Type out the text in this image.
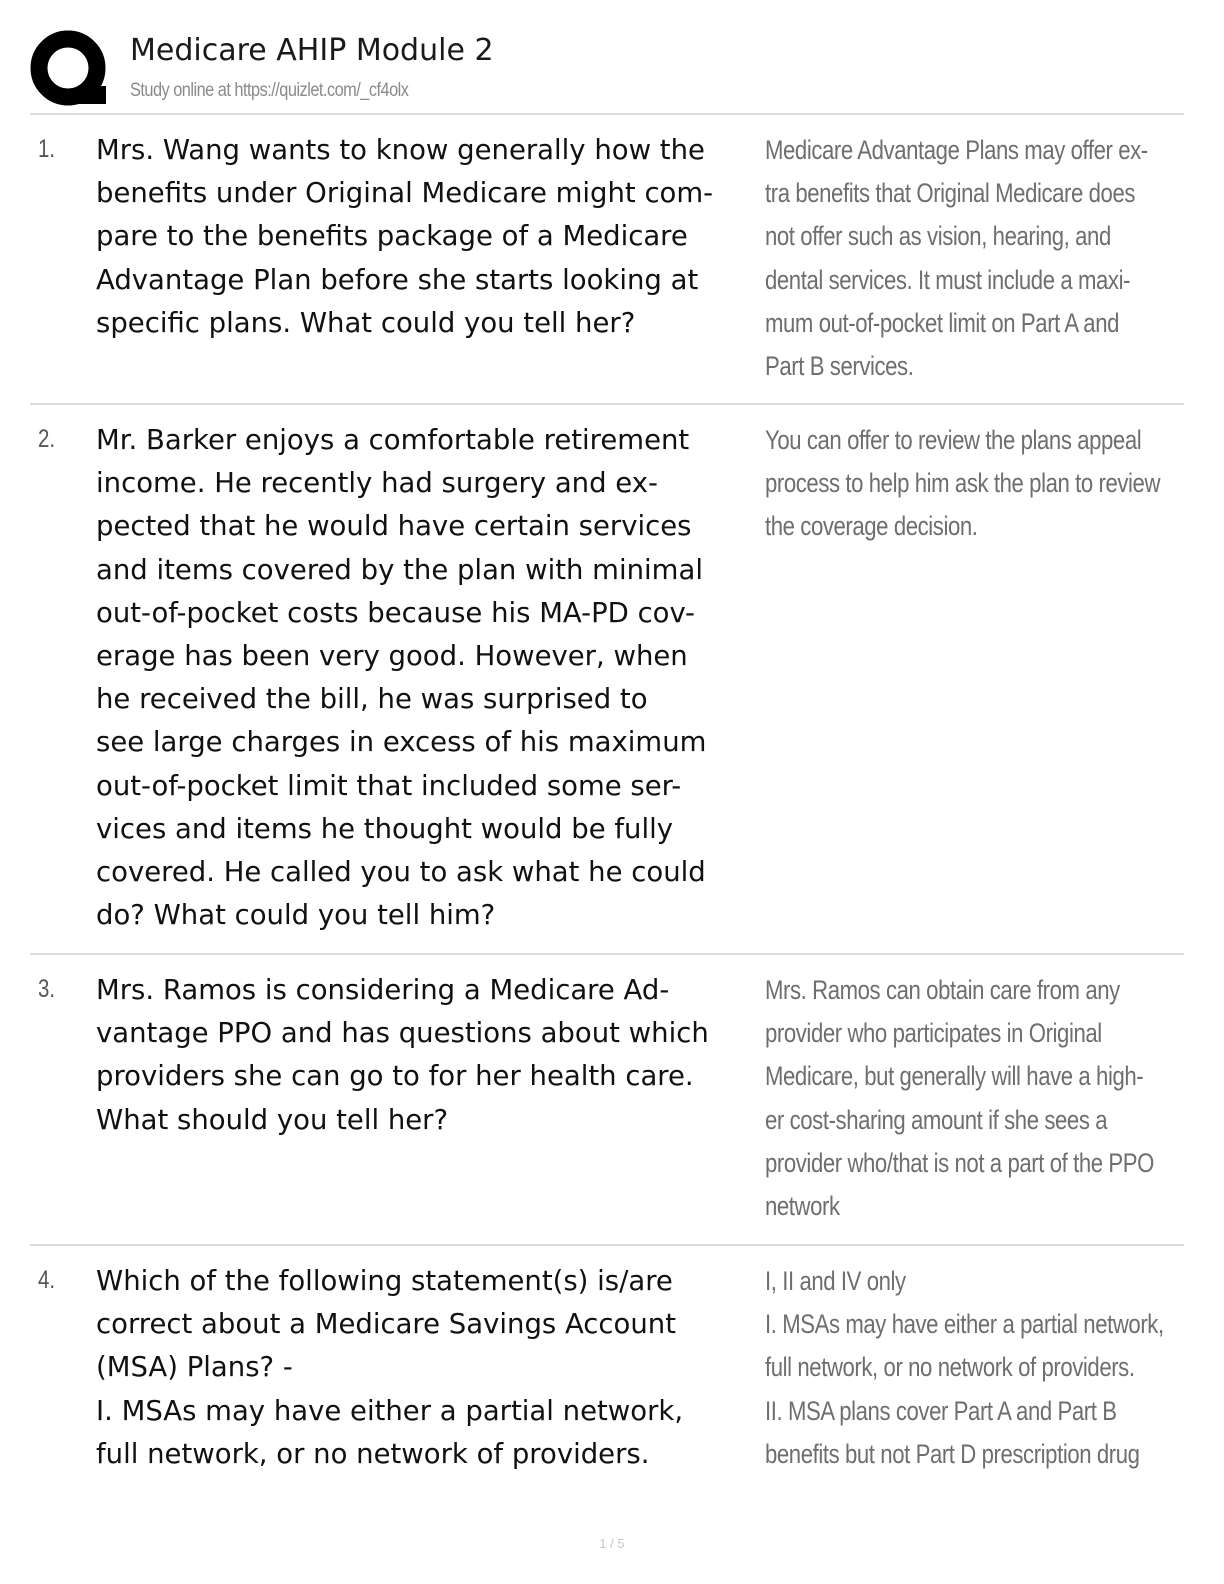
Medicare AHIP Module 2
Study online at https://quizlet.com/_cf4olx
1. Mrs. Wang wants to know generally how the

benefits under Original Medicare might com-

pare to the benefits package of a Medicare

Advantage Plan before she starts looking at

specific plans. What could you tell her?

Medicare Advantage Plans may offer ex-

tra benefits that Original Medicare does

not offer such as vision, hearing, and

dental services. It must include a maxi-

mum out-of-pocket limit on Part A and

Part B services.

2. Mr. Barker enjoys a comfortable retirement

income. He recently had surgery and ex-

pected that he would have certain services

and items covered by the plan with minimal

out-of-pocket costs because his MA-PD cov-

erage has been very good. However, when

he received the bill, he was surprised to

see large charges in excess of his maximum

out-of-pocket limit that included some ser-

vices and items he thought would be fully

covered. He called you to ask what he could

do? What could you tell him?

You can offer to review the plans appeal

process to help him ask the plan to review

the coverage decision.

3. Mrs. Ramos is considering a Medicare Ad-

vantage PPO and has questions about which

providers she can go to for her health care.

What should you tell her?

Mrs. Ramos can obtain care from any

provider who participates in Original

Medicare, but generally will have a high-

er cost-sharing amount if she sees a

provider who/that is not a part of the PPO

network

4. Which of the following statement(s) is/are

correct about a Medicare Savings Account

(MSA) Plans? -

I. MSAs may have either a partial network,

full network, or no network of providers.

I, II and IV only

I. MSAs may have either a partial network,

full network, or no network of providers.

II. MSA plans cover Part A and Part B

benefits but not Part D prescription drug

1 / 5
